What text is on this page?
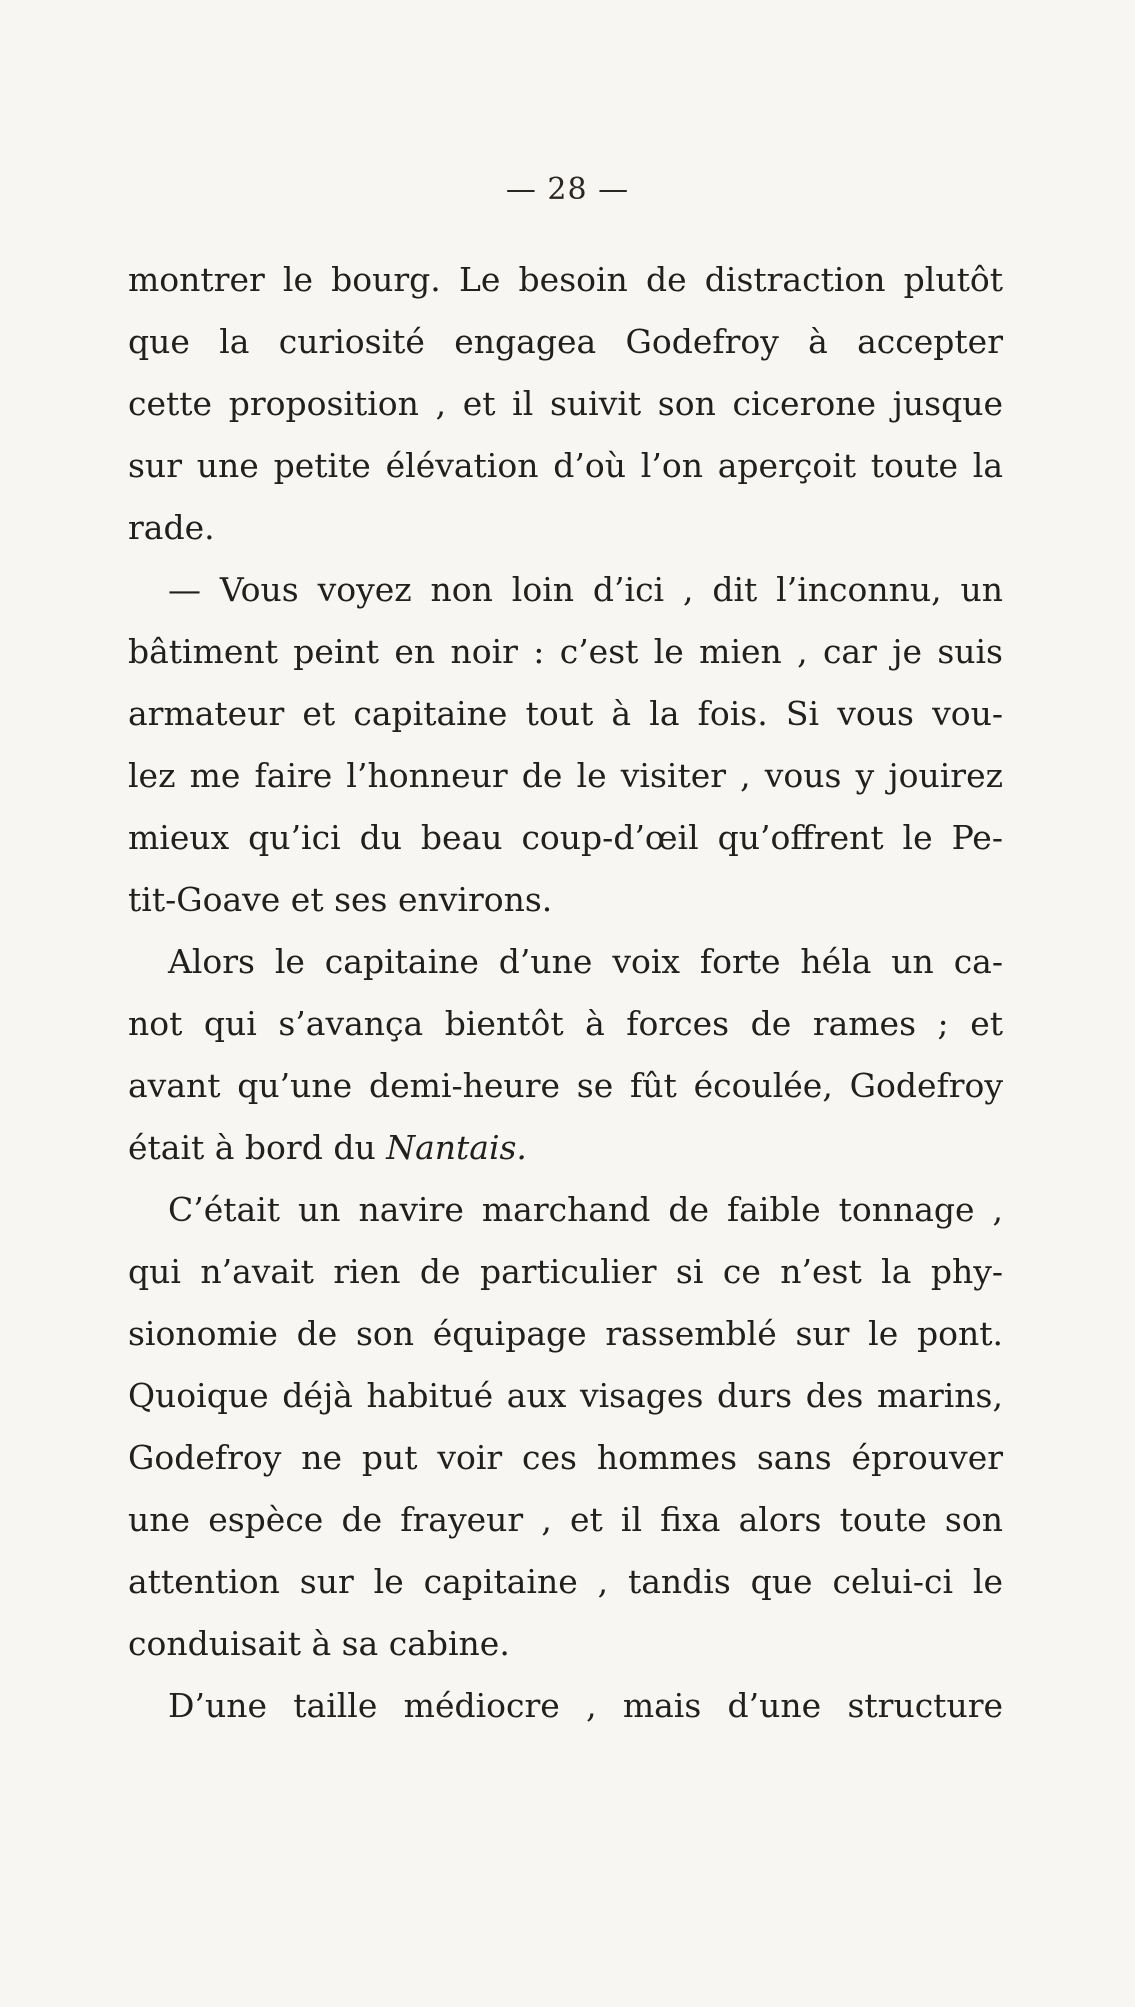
— 28 —
montrer le bourg. Le besoin de distraction plutôt
que la curiosité engagea Godefroy à accepter
cette proposition , et il suivit son cicerone jusque
sur une petite élévation d’où l’on aperçoit toute la
rade.
— Vous voyez non loin d’ici , dit l’inconnu, un
bâtiment peint en noir : c’est le mien , car je suis
armateur et capitaine tout à la fois. Si vous vou-
lez me faire l’honneur de le visiter , vous y jouirez
mieux qu’ici du beau coup-d’œil qu’offrent le Pe-
tit-Goave et ses environs.
Alors le capitaine d’une voix forte héla un ca-
not qui s’avança bientôt à forces de rames ; et
avant qu’une demi-heure se fût écoulée, Godefroy
était à bord du Nantais.
C’était un navire marchand de faible tonnage ,
qui n’avait rien de particulier si ce n’est la phy-
sionomie de son équipage rassemblé sur le pont.
Quoique déjà habitué aux visages durs des marins,
Godefroy ne put voir ces hommes sans éprouver
une espèce de frayeur , et il fixa alors toute son
attention sur le capitaine , tandis que celui-ci le
conduisait à sa cabine.
D’une taille médiocre , mais d’une structure
